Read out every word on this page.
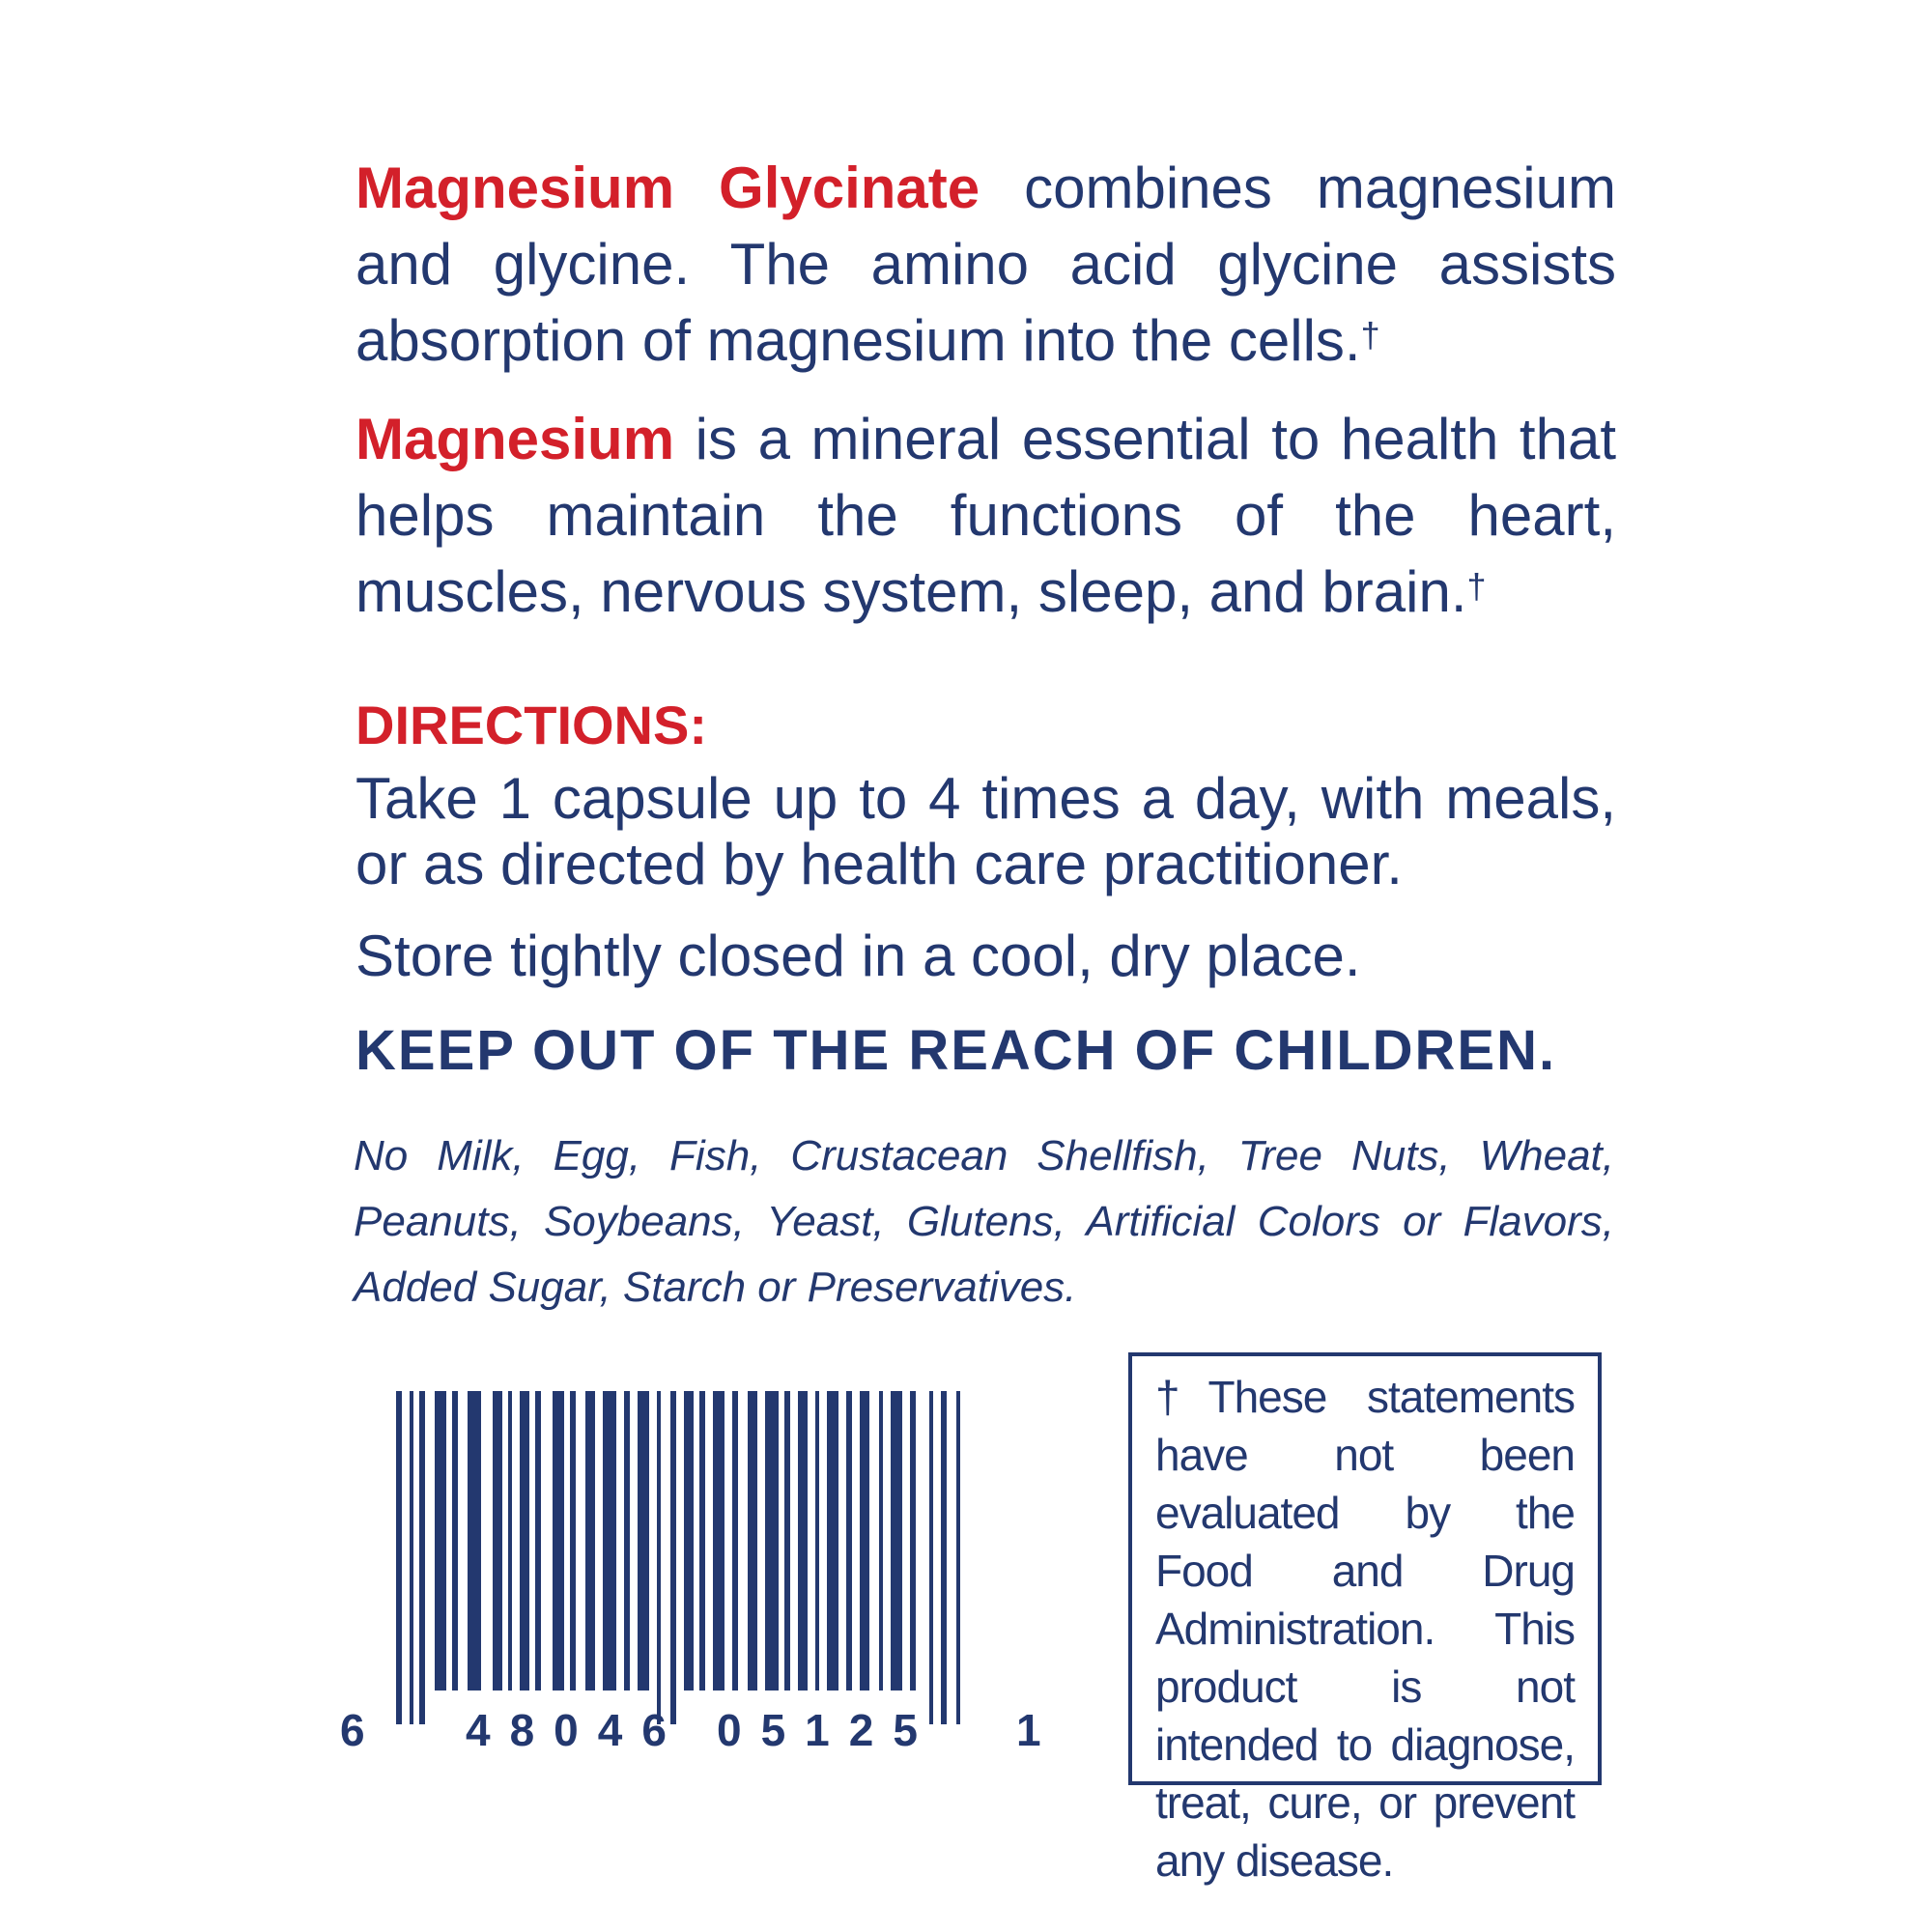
Magnesium Glycinate combines magnesium and glycine. The amino acid glycine assists absorption of magnesium into the cells.†

Magnesium is a mineral essential to health that helps maintain the functions of the heart, muscles, nervous system, sleep, and brain.†

DIRECTIONS:

Take 1 capsule up to 4 times a day, with meals, or as directed by health care practitioner.

Store tightly closed in a cool, dry place.

KEEP OUT OF THE REACH OF CHILDREN.

No Milk, Egg, Fish, Crustacean Shellfish, Tree Nuts, Wheat, Peanuts, Soybeans, Yeast, Glutens, Artificial Colors or Flavors, Added Sugar, Starch or Preservatives.

6 48046 05125 1

†These statements have not been evaluated by the Food and Drug Administration. This product is not intended to diagnose, treat, cure, or prevent any disease.
